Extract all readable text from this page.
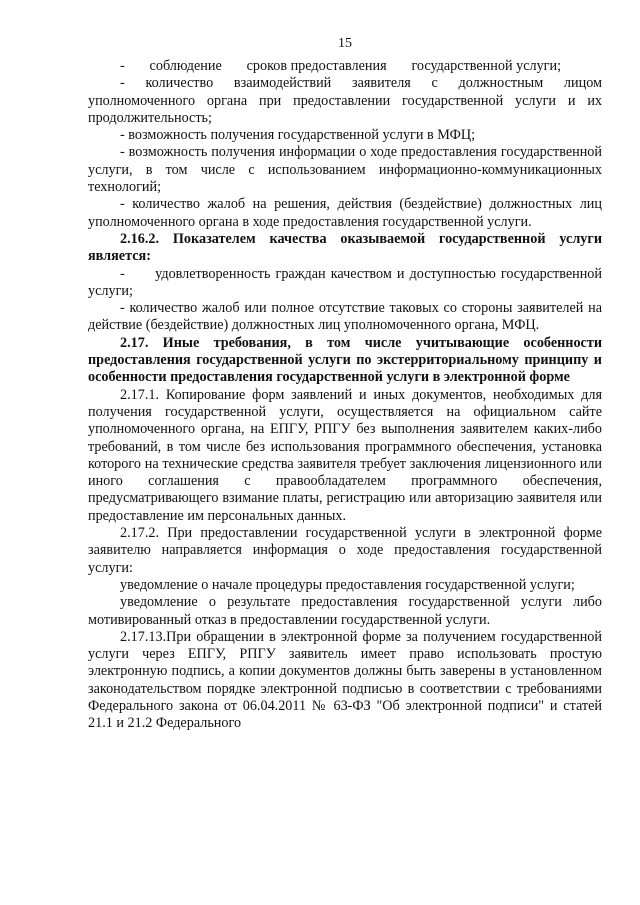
15

-       соблюдение       сроков предоставления       государственной услуги;

- количество взаимодействий заявителя с должностным лицом уполномоченного органа при предоставлении государственной услуги и их продолжительность;

- возможность получения государственной услуги в МФЦ;

- возможность получения информации о ходе предоставления государственной услуги, в том числе с использованием информационно-коммуникационных технологий;

- количество жалоб на решения, действия (бездействие) должностных лиц уполномоченного органа в ходе предоставления государственной услуги.

2.16.2. Показателем качества оказываемой государственной услуги является:

-      удовлетворенность граждан качеством и доступностью государственной услуги;

- количество жалоб или полное отсутствие таковых со стороны заявителей на действие (бездействие) должностных лиц уполномоченного органа, МФЦ.

2.17. Иные требования, в том числе учитывающие особенности предоставления государственной услуги по экстерриториальному принципу и особенности предоставления государственной услуги в электронной форме

2.17.1. Копирование форм заявлений и иных документов, необходимых для получения государственной услуги, осуществляется на официальном сайте уполномоченного органа, на ЕПГУ, РПГУ без выполнения заявителем каких-либо требований, в том числе без использования программного обеспечения, установка которого на технические средства заявителя требует заключения лицензионного или иного соглашения с правообладателем программного обеспечения, предусматривающего взимание платы, регистрацию или авторизацию заявителя или предоставление им персональных данных.

2.17.2. При предоставлении государственной услуги в электронной форме заявителю направляется информация о ходе предоставления государственной услуги:

уведомление о начале процедуры предоставления государственной услуги;

уведомление о результате предоставления государственной услуги либо мотивированный отказ в предоставлении государственной услуги.

2.17.13.При обращении в электронной форме за получением государственной услуги через ЕПГУ, РПГУ заявитель имеет право использовать простую электронную подпись, а копии документов должны быть заверены в установленном законодательством порядке электронной подписью в соответствии с требованиями Федерального закона от 06.04.2011 № 63-ФЗ "Об электронной подписи" и статей 21.1 и 21.2 Федерального
